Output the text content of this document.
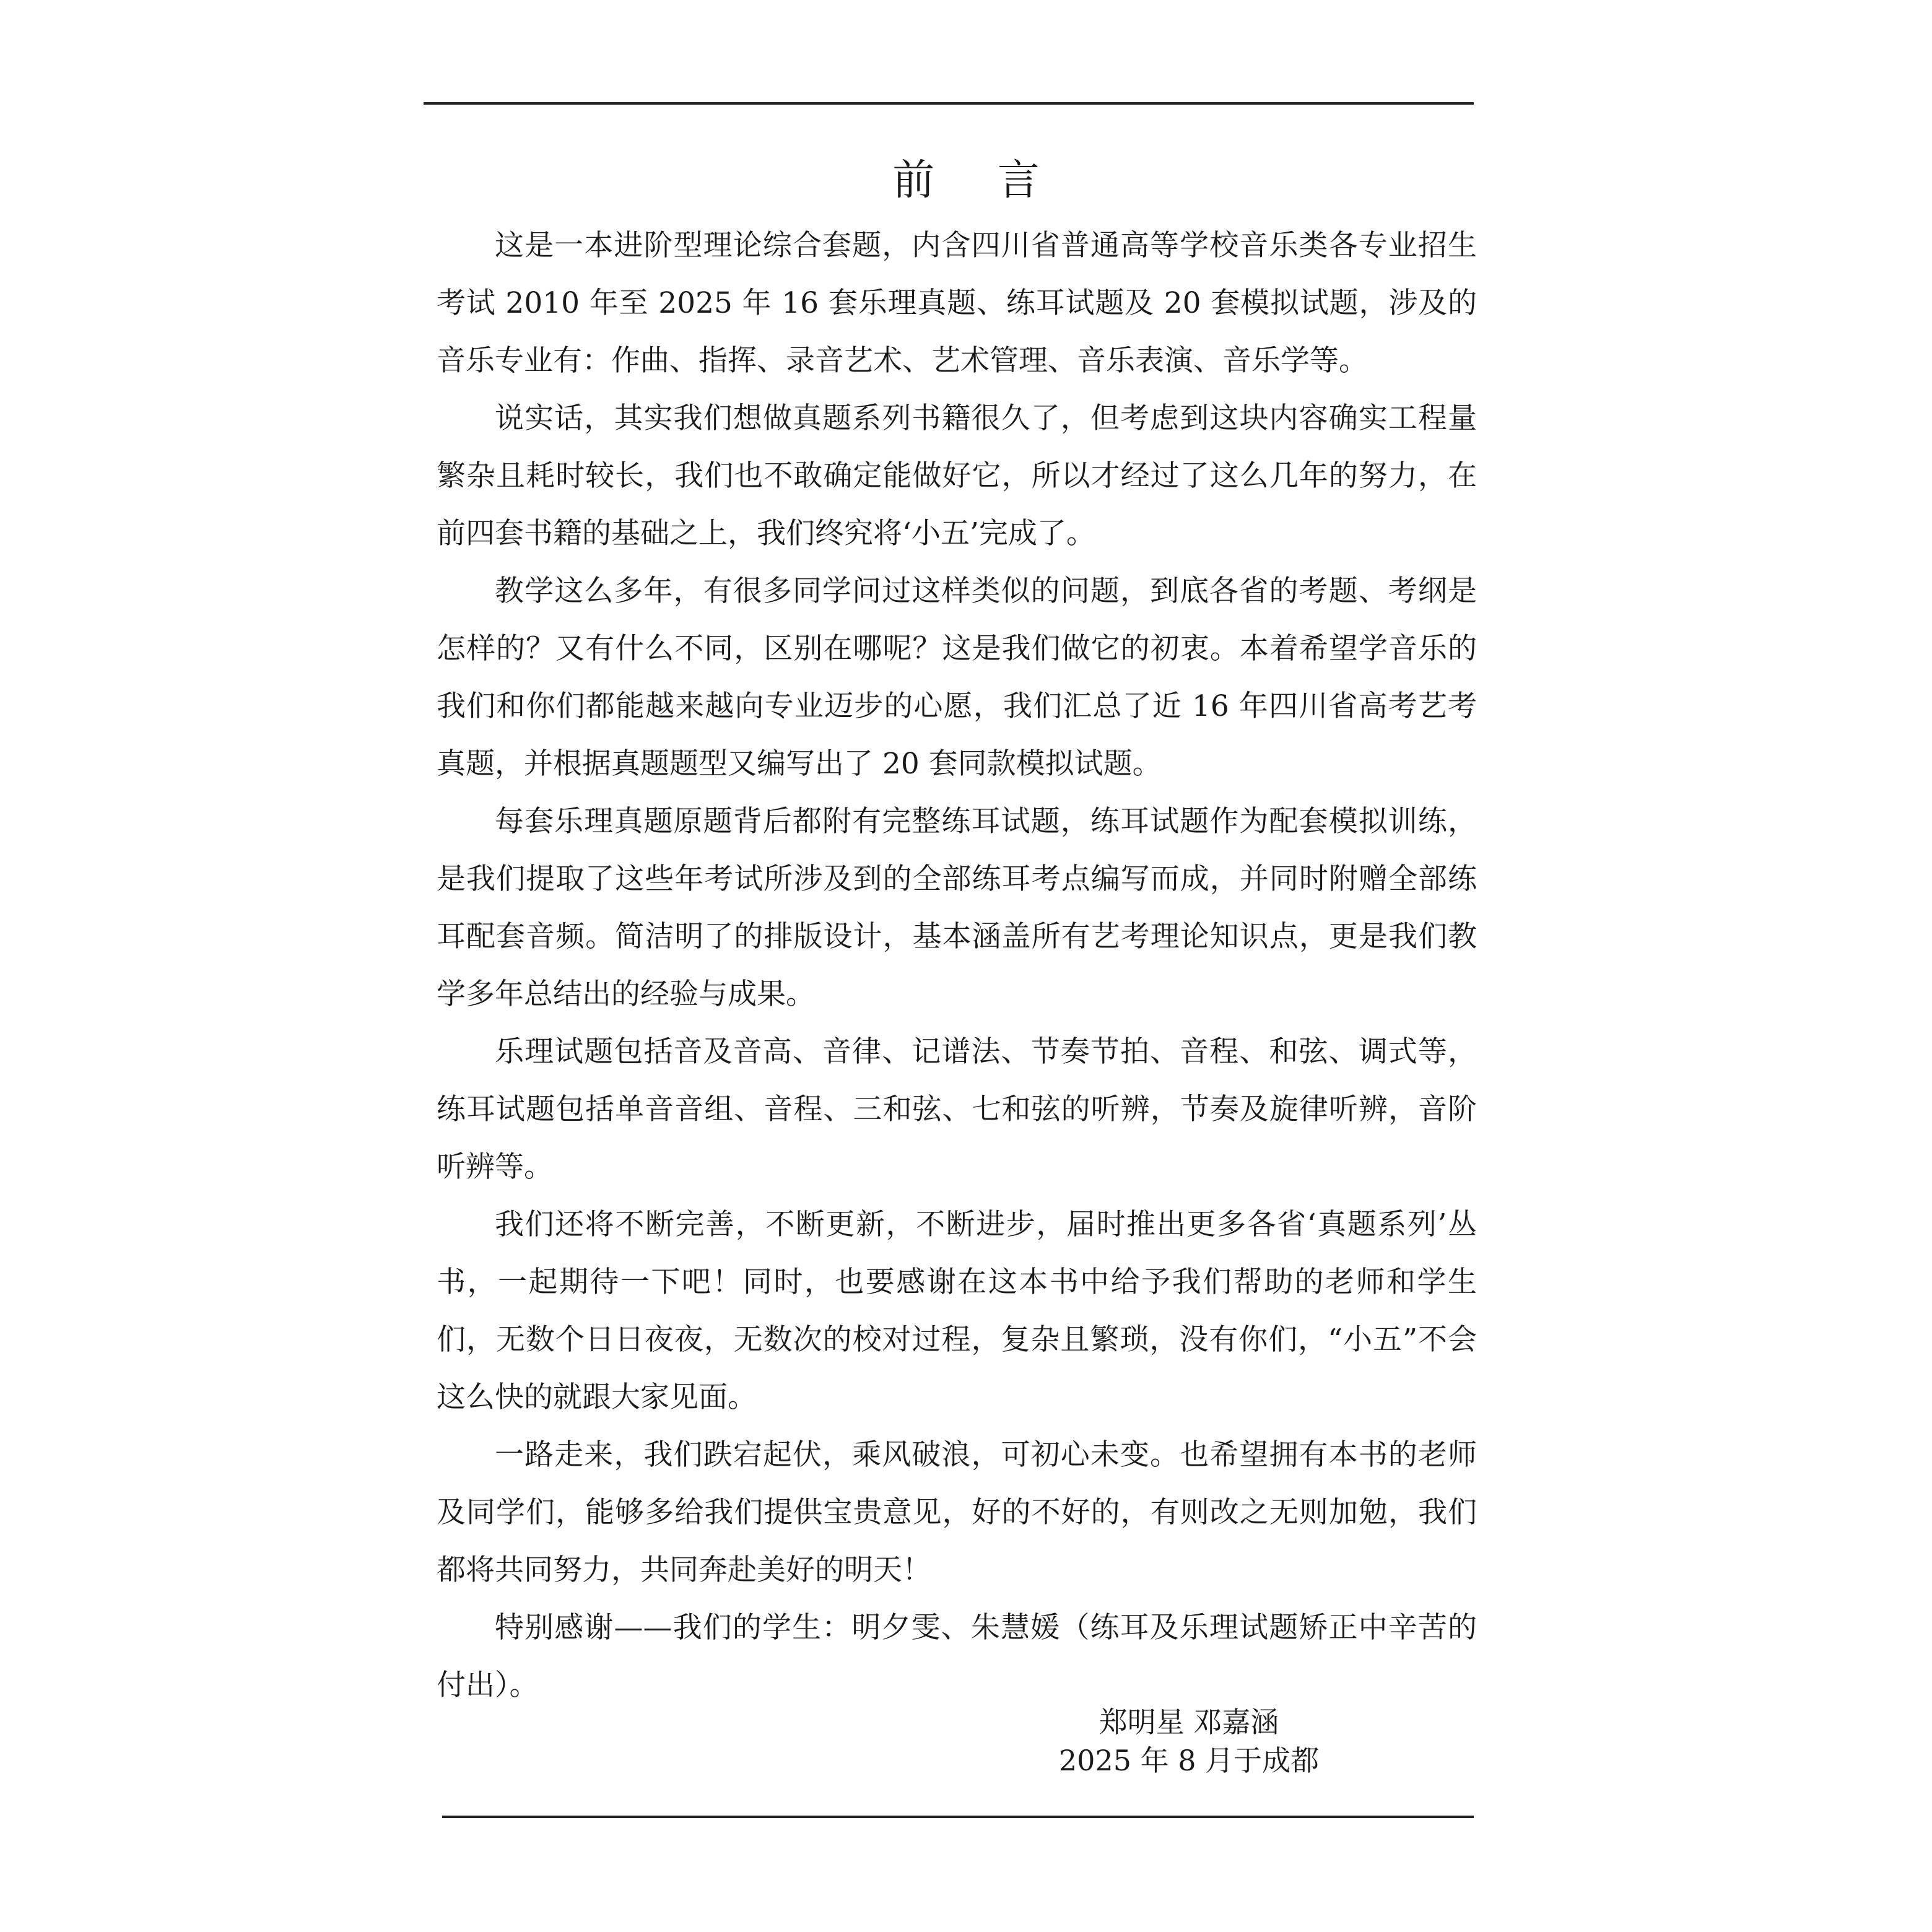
前 言

这是一本进阶型理论综合套题，内含四川省普通高等学校音乐类各专业招生考试 2010 年至 2025 年 16 套乐理真题、练耳试题及 20 套模拟试题，涉及的音乐专业有：作曲、指挥、录音艺术、艺术管理、音乐表演、音乐学等。

说实话，其实我们想做真题系列书籍很久了，但考虑到这块内容确实工程量繁杂且耗时较长，我们也不敢确定能做好它，所以才经过了这么几年的努力，在前四套书籍的基础之上，我们终究将‘小五’完成了。

教学这么多年，有很多同学问过这样类似的问题，到底各省的考题、考纲是怎样的？又有什么不同，区别在哪呢？这是我们做它的初衷。本着希望学音乐的我们和你们都能越来越向专业迈步的心愿，我们汇总了近 16 年四川省高考艺考真题，并根据真题题型又编写出了 20 套同款模拟试题。

每套乐理真题原题背后都附有完整练耳试题，练耳试题作为配套模拟训练，是我们提取了这些年考试所涉及到的全部练耳考点编写而成，并同时附赠全部练耳配套音频。简洁明了的排版设计，基本涵盖所有艺考理论知识点，更是我们教学多年总结出的经验与成果。

乐理试题包括音及音高、音律、记谱法、节奏节拍、音程、和弦、调式等，练耳试题包括单音音组、音程、三和弦、七和弦的听辨，节奏及旋律听辨，音阶听辨等。

我们还将不断完善，不断更新，不断进步，届时推出更多各省‘真题系列’丛书，一起期待一下吧！同时，也要感谢在这本书中给予我们帮助的老师和学生们，无数个日日夜夜，无数次的校对过程，复杂且繁琐，没有你们，“小五”不会这么快的就跟大家见面。

一路走来，我们跌宕起伏，乘风破浪，可初心未变。也希望拥有本书的老师及同学们，能够多给我们提供宝贵意见，好的不好的，有则改之无则加勉，我们都将共同努力，共同奔赴美好的明天！

特别感谢——我们的学生：明夕雯、朱慧媛（练耳及乐理试题矫正中辛苦的付出）。

郑明星 邓嘉涵
2025 年 8 月于成都
